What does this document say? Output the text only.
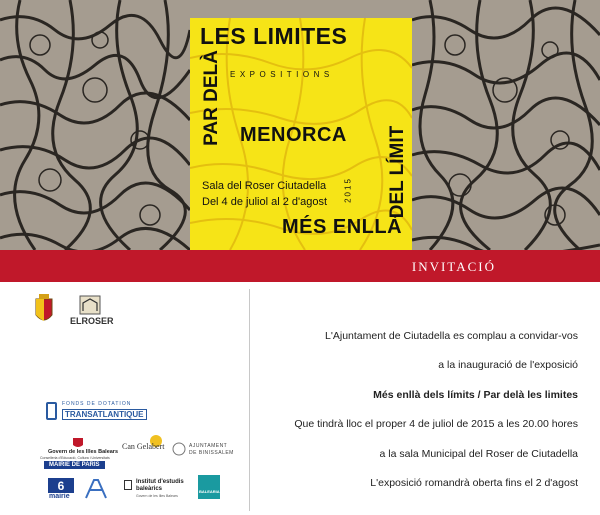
LES LIMITES
EXPOSITIONS
PAR DELÀ MENORCA
2015 DEL LÍMIT
Sala del Roser Ciutadella
Del 4 de juliol al 2 d'agost
MÉS ENLLÀ
INVITACIÓ
ELROSER
FONDS DE DOTATION
TRANSATLANTIQUE
Govern de les Illes Balears
Conselleria d'Educació, Cultura i Universitats
MAIRIE DE PARIS
Can Gelabert	AJUNTAMENT
DE BINISSALEM
6
mairie
Institut d'estudis baleàrics
Govern de les Illes Balears
BALEARIA
L'Ajuntament de Ciutadella es complau a convidar-vos
a la inauguració de l'exposició
Més enllà dels límits / Par delà les limites
Que tindrà lloc el proper 4 de juliol de 2015 a les 20.00 hores
a la sala Municipal del Roser de Ciutadella
L'exposició romandrà oberta fins el 2 d'agost
